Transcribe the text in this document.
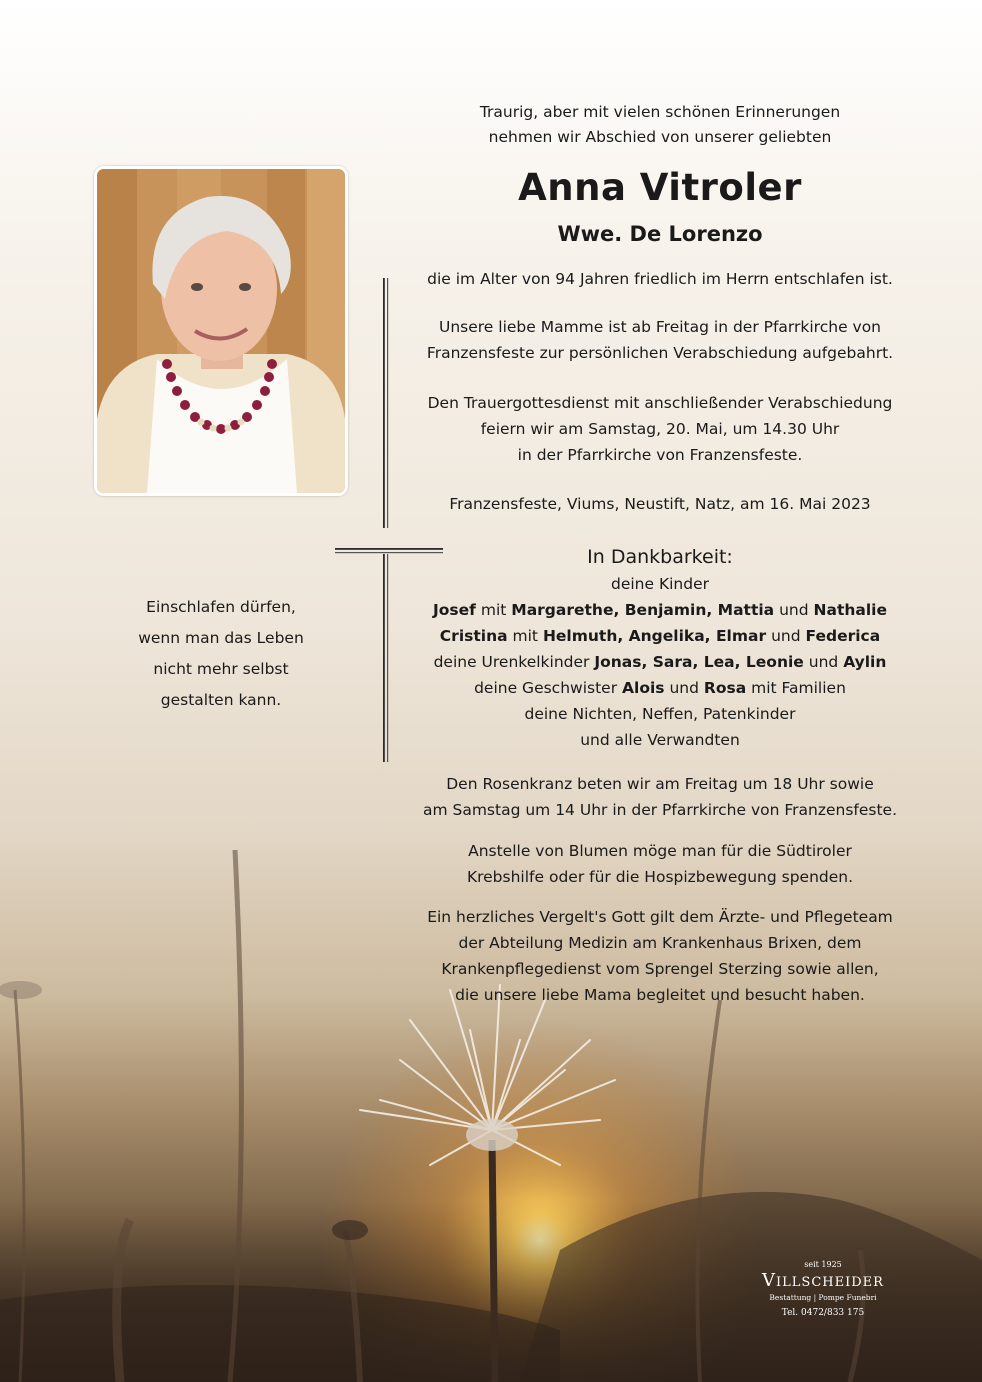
Traurig, aber mit vielen schönen Erinnerungen
nehmen wir Abschied von unserer geliebten
Anna Vitroler
Wwe. De Lorenzo
die im Alter von 94 Jahren friedlich im Herrn entschlafen ist.
Unsere liebe Mamme ist ab Freitag in der Pfarrkirche von
Franzensfeste zur persönlichen Verabschiedung aufgebahrt.
Den Trauergottesdienst mit anschließender Verabschiedung
feiern wir am Samstag, 20. Mai, um 14.30 Uhr
in der Pfarrkirche von Franzensfeste.
Franzensfeste, Viums, Neustift, Natz, am 16. Mai 2023
In Dankbarkeit:
deine Kinder
Josef mit Margarethe, Benjamin, Mattia und Nathalie
Cristina mit Helmuth, Angelika, Elmar und Federica
deine Urenkelkinder Jonas, Sara, Lea, Leonie und Aylin
deine Geschwister Alois und Rosa mit Familien
deine Nichten, Neffen, Patenkinder
und alle Verwandten
Den Rosenkranz beten wir am Freitag um 18 Uhr sowie
am Samstag um 14 Uhr in der Pfarrkirche von Franzensfeste.
Anstelle von Blumen möge man für die Südtiroler
Krebshilfe oder für die Hospizbewegung spenden.
Ein herzliches Vergelt's Gott gilt dem Ärzte- und Pflegeteam
der Abteilung Medizin am Krankenhaus Brixen, dem
Krankenpflegedienst vom Sprengel Sterzing sowie allen,
die unsere liebe Mama begleitet und besucht haben.
Einschlafen dürfen,
wenn man das Leben
nicht mehr selbst
gestalten kann.
seit 1925
Villscheider
Bestattung | Pompe Funebri
Tel. 0472/833 175
